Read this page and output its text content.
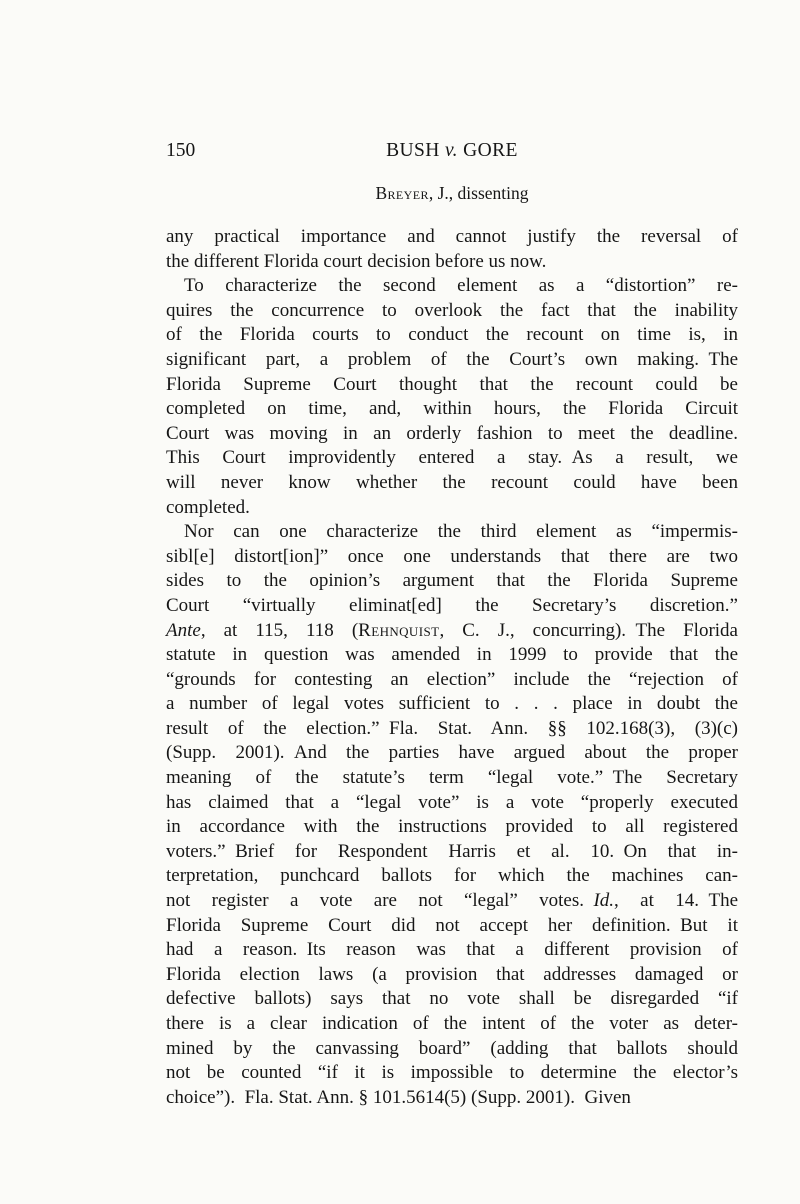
150	BUSH v. GORE
Breyer, J., dissenting
any practical importance and cannot justify the reversal of
the different Florida court decision before us now.
To characterize the second element as a “distortion” re-
quires the concurrence to overlook the fact that the inability
of the Florida courts to conduct the recount on time is, in
significant part, a problem of the Court’s own making. The
Florida Supreme Court thought that the recount could be
completed on time, and, within hours, the Florida Circuit
Court was moving in an orderly fashion to meet the deadline.
This Court improvidently entered a stay. As a result, we
will never know whether the recount could have been
completed.
Nor can one characterize the third element as “impermis-
sibl[e] distort[ion]” once one understands that there are two
sides to the opinion’s argument that the Florida Supreme
Court “virtually eliminat[ed] the Secretary’s discretion.”
Ante, at 115, 118 (Rehnquist, C. J., concurring). The Florida
statute in question was amended in 1999 to provide that the
“grounds for contesting an election” include the “rejection of
a number of legal votes sufficient to . . . place in doubt the
result of the election.” Fla. Stat. Ann. §§ 102.168(3), (3)(c)
(Supp. 2001). And the parties have argued about the proper
meaning of the statute’s term “legal vote.” The Secretary
has claimed that a “legal vote” is a vote “properly executed
in accordance with the instructions provided to all registered
voters.” Brief for Respondent Harris et al. 10. On that in-
terpretation, punchcard ballots for which the machines can-
not register a vote are not “legal” votes. Id., at 14. The
Florida Supreme Court did not accept her definition. But it
had a reason. Its reason was that a different provision of
Florida election laws (a provision that addresses damaged or
defective ballots) says that no vote shall be disregarded “if
there is a clear indication of the intent of the voter as deter-
mined by the canvassing board” (adding that ballots should
not be counted “if it is impossible to determine the elector’s
choice”). Fla. Stat. Ann. § 101.5614(5) (Supp. 2001). Given
